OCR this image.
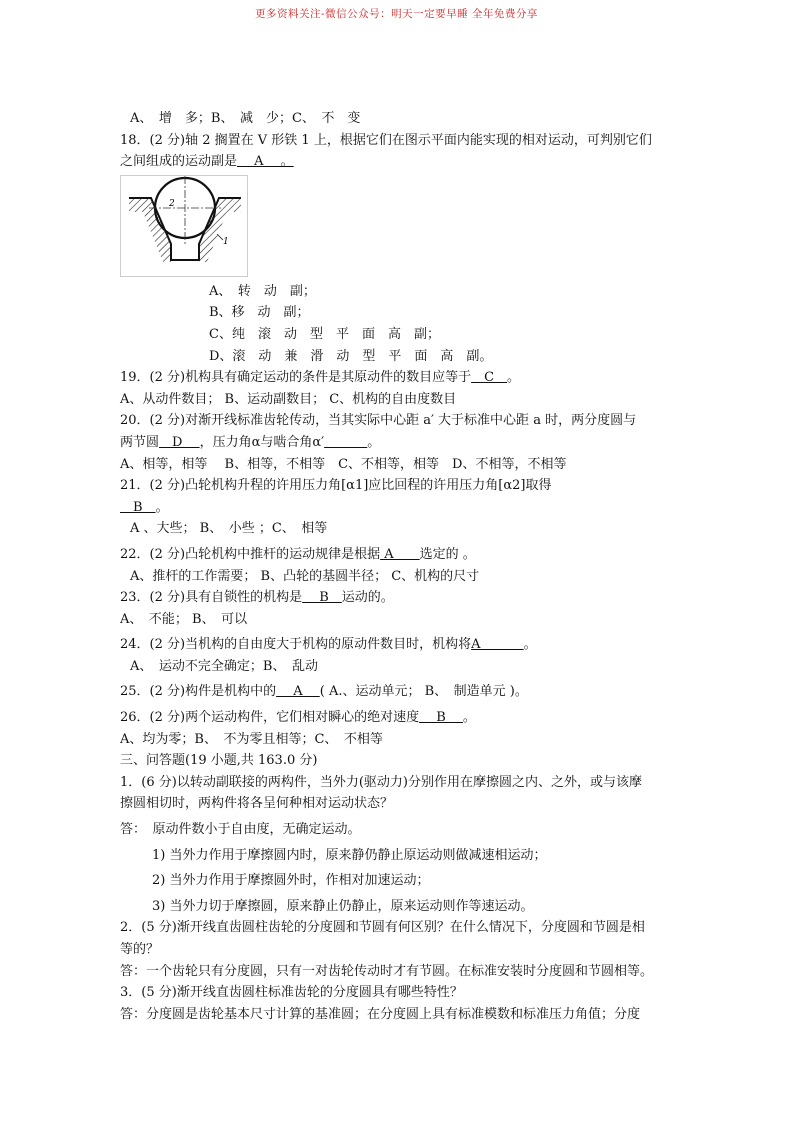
更多资料关注-微信公众号：明天一定要早睡 全年免费分享
A、　增　多；B、　减　少；C、　不　变
18．(2 分)轴 2 搁置在 V 形铁 1 上，根据它们在图示平面内能实现的相对运动，可判别它们
之间组成的运动副是　 A　 。
2
1
A、　转　动　副；
B、移　动　副；
C、纯　滚　动　型　平　面　高　副；
D、滚　动　兼　滑　动　型　平　面　高　副。
19．(2 分)机构具有确定运动的条件是其原动件的数目应等于　C　。
A、从动件数目； B、运动副数目； C、机构的自由度数目
20．(2 分)对渐开线标准齿轮传动，当其实际中心距 a′ 大于标准中心距 a 时，两分度圆与
两节圆　D　 ，压力角α与啮合角α′　　　	。
A、相等，相等　 B、相等，不相等　C、不相等，相等　D、不相等，不相等
21．(2 分)凸轮机构升程的许用压力角[α1]应比回程的许用压力角[α2]取得
　B　。
A 、大些； B、　小些 ；C、　相等
22．(2 分)凸轮机构中推杆的运动规律是根据 A　　选定的 。
A、推杆的工作需要； B、凸轮的基圆半径； C、机构的尺寸
23．(2 分)具有自锁性的机构是　 B　运动的。
A、　不能； B、　可以
24．(2 分)当机构的自由度大于机构的原动件数目时，机构将A　　　 。
A、　运动不完全确定；B、　乱动
25．(2 分)构件是机构中的　 A　 ( A.、运动单元； B、　制造单元 )。
26．(2 分)两个运动构件，它们相对瞬心的绝对速度　 B　 。
A、均为零；B、　不为零且相等；C、　不相等
三、问答题(19 小题,共 163.0 分)
1．(6 分)以转动副联接的两构件，当外力(驱动力)分别作用在摩擦圆之内、之外，或与该摩
擦圆相切时，两构件将各呈何种相对运动状态？
答：　原动件数小于自由度，无确定运动。
1) 当外力作用于摩擦圆内时，原来静仍静止原运动则做减速相运动；
2) 当外力作用于摩擦圆外时，作相对加速运动；
3) 当外力切于摩擦圆，原来静止仍静止，原来运动则作等速运动。
2．(5 分)渐开线直齿圆柱齿轮的分度圆和节圆有何区别？在什么情况下，分度圆和节圆是相
等的？
答：一个齿轮只有分度圆，只有一对齿轮传动时才有节圆。在标准安装时分度圆和节圆相等。
3．(5 分)渐开线直齿圆柱标准齿轮的分度圆具有哪些特性？
答：分度圆是齿轮基本尺寸计算的基准圆；在分度圆上具有标准模数和标准压力角值；分度
